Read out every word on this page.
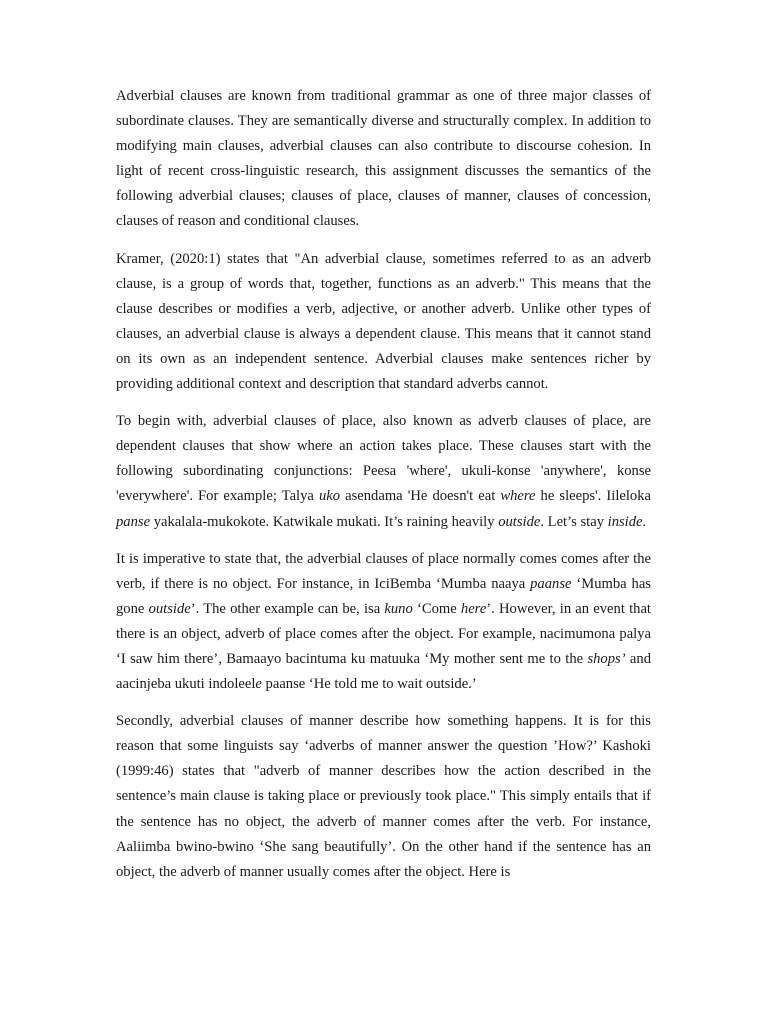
Adverbial clauses are known from traditional grammar as one of three major classes of subordinate clauses. They are semantically diverse and structurally complex. In addition to modifying main clauses, adverbial clauses can also contribute to discourse cohesion. In light of recent cross-linguistic research, this assignment discusses the semantics of the following adverbial clauses; clauses of place, clauses of manner, clauses of concession, clauses of reason and conditional clauses.

Kramer, (2020:1) states that "An adverbial clause, sometimes referred to as an adverb clause, is a group of words that, together, functions as an adverb." This means that the clause describes or modifies a verb, adjective, or another adverb. Unlike other types of clauses, an adverbial clause is always a dependent clause. This means that it cannot stand on its own as an independent sentence. Adverbial clauses make sentences richer by providing additional context and description that standard adverbs cannot.

To begin with, adverbial clauses of place, also known as adverb clauses of place, are dependent clauses that show where an action takes place. These clauses start with the following subordinating conjunctions: Peesa 'where', ukuli-konse 'anywhere', konse 'everywhere'. For example; Talya uko asendama 'He doesn't eat where he sleeps'. Iileloka panse yakalala-mukokote. Katwikale mukati. It’s raining heavily outside. Let’s stay inside.

It is imperative to state that, the adverbial clauses of place normally comes comes after the verb, if there is no object. For instance, in IciBemba ‘Mumba naaya paanse ‘Mumba has gone outside’. The other example can be, isa kuno ‘Come here’. However, in an event that there is an object, adverb of place comes after the object. For example, nacimumona palya ‘I saw him there’, Bamaayo bacintuma ku matuuka ‘My mother sent me to the shops’ and aacinjeba ukuti indoleele paanse ‘He told me to wait outside.’

Secondly, adverbial clauses of manner describe how something happens. It is for this reason that some linguists say ‘adverbs of manner answer the question ’How?’ Kashoki (1999:46) states that "adverb of manner describes how the action described in the sentence’s main clause is taking place or previously took place." This simply entails that if the sentence has no object, the adverb of manner comes after the verb. For instance, Aaliimba bwino-bwino ‘She sang beautifully’. On the other hand if the sentence has an object, the adverb of manner usually comes after the object. Here is
